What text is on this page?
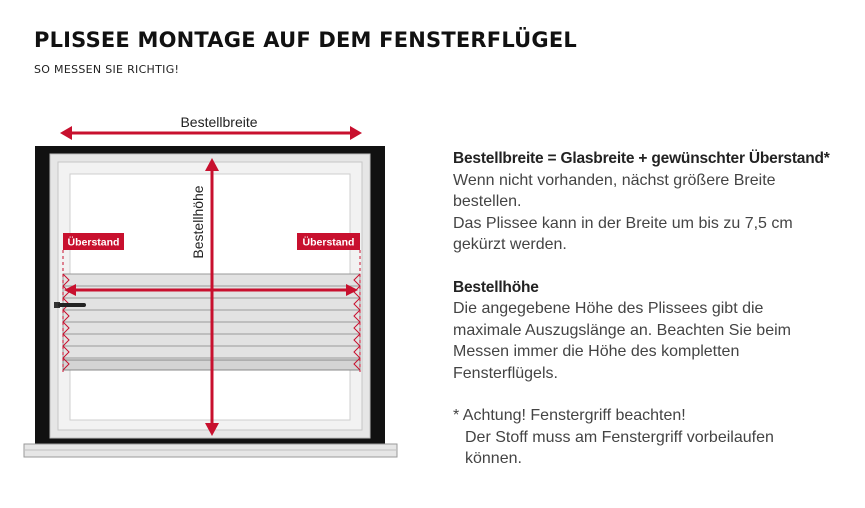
PLISSEE MONTAGE AUF DEM FENSTERFLÜGEL
SO MESSEN SIE RICHTIG!
Bestellbreite
Bestellhöhe
Überstand	Überstand
Bestellbreite = Glasbreite + gewünschter Überstand*
Wenn nicht vorhanden, nächst größere Breite
bestellen.
Das Plissee kann in der Breite um bis zu 7,5 cm
gekürzt werden.
Bestellhöhe
Die angegebene Höhe des Plissees gibt die
maximale Auszugslänge an. Beachten Sie beim
Messen immer die Höhe des kompletten
Fensterflügels.
* Achtung! Fenstergriff beachten!
Der Stoff muss am Fenstergriff vorbeilaufen
können.
